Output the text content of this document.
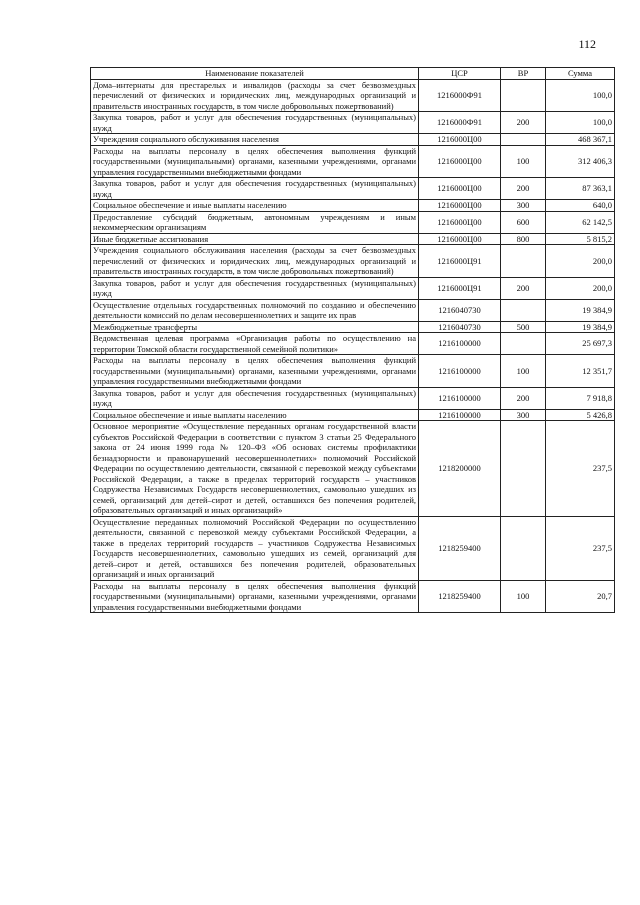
112
Наименование показателей	ЦСР	ВР	Сумма
Дома–интернаты для престарелых и инвалидов (расходы за счет безвозмездных перечислений от физических и юридических лиц, международных организаций и правительств иностранных государств, в том числе добровольных пожертвований)	1216000Ф91		100,0
Закупка товаров, работ и услуг для обеспечения государственных (муниципальных) нужд	1216000Ф91	200	100,0
Учреждения социального обслуживания населения	1216000Ц00		468 367,1
Расходы на выплаты персоналу в целях обеспечения выполнения функций государственными (муниципальными) органами, казенными учреждениями, органами управления государственными внебюджетными фондами	1216000Ц00	100	312 406,3
Закупка товаров, работ и услуг для обеспечения государственных (муниципальных) нужд	1216000Ц00	200	87 363,1
Социальное обеспечение и иные выплаты населению	1216000Ц00	300	640,0
Предоставление субсидий бюджетным, автономным учреждениям и иным некоммерческим организациям	1216000Ц00	600	62 142,5
Иные бюджетные ассигнования	1216000Ц00	800	5 815,2
Учреждения социального обслуживания населения (расходы за счет безвозмездных перечислений от физических и юридических лиц, международных организаций и правительств иностранных государств, в том числе добровольных пожертвований)	1216000Ц91		200,0
Закупка товаров, работ и услуг для обеспечения государственных (муниципальных) нужд	1216000Ц91	200	200,0
Осуществление отдельных государственных полномочий по созданию и обеспечению деятельности комиссий по делам несовершеннолетних и защите их прав	1216040730		19 384,9
Межбюджетные трансферты	1216040730	500	19 384,9
Ведомственная целевая программа «Организация работы по осуществлению на территории Томской области государственной семейной политики»	1216100000		25 697,3
Расходы на выплаты персоналу в целях обеспечения выполнения функций государственными (муниципальными) органами, казенными учреждениями, органами управления государственными внебюджетными фондами	1216100000	100	12 351,7
Закупка товаров, работ и услуг для обеспечения государственных (муниципальных) нужд	1216100000	200	7 918,8
Социальное обеспечение и иные выплаты населению	1216100000	300	5 426,8
Основное мероприятие «Осуществление переданных органам государственной власти субъектов Российской Федерации в соответствии с пунктом 3 статьи 25 Федерального закона от 24 июня 1999 года № 120–ФЗ «Об основах системы профилактики безнадзорности и правонарушений несовершеннолетних» полномочий Российской Федерации по осуществлению деятельности, связанной с перевозкой между субъектами Российской Федерации, а также в пределах территорий государств – участников Содружества Независимых Государств несовершеннолетних, самовольно ушедших из семей, организаций для детей–сирот и детей, оставшихся без попечения родителей, образовательных организаций и иных организаций»	1218200000		237,5
Осуществление переданных полномочий Российской Федерации по осуществлению деятельности, связанной с перевозкой между субъектами Российской Федерации, а также в пределах территорий государств – участников Содружества Независимых Государств несовершеннолетних, самовольно ушедших из семей, организаций для детей–сирот и детей, оставшихся без попечения родителей, образовательных организаций и иных организаций	1218259400		237,5
Расходы на выплаты персоналу в целях обеспечения выполнения функций государственными (муниципальными) органами, казенными учреждениями, органами управления государственными внебюджетными фондами	1218259400	100	20,7
